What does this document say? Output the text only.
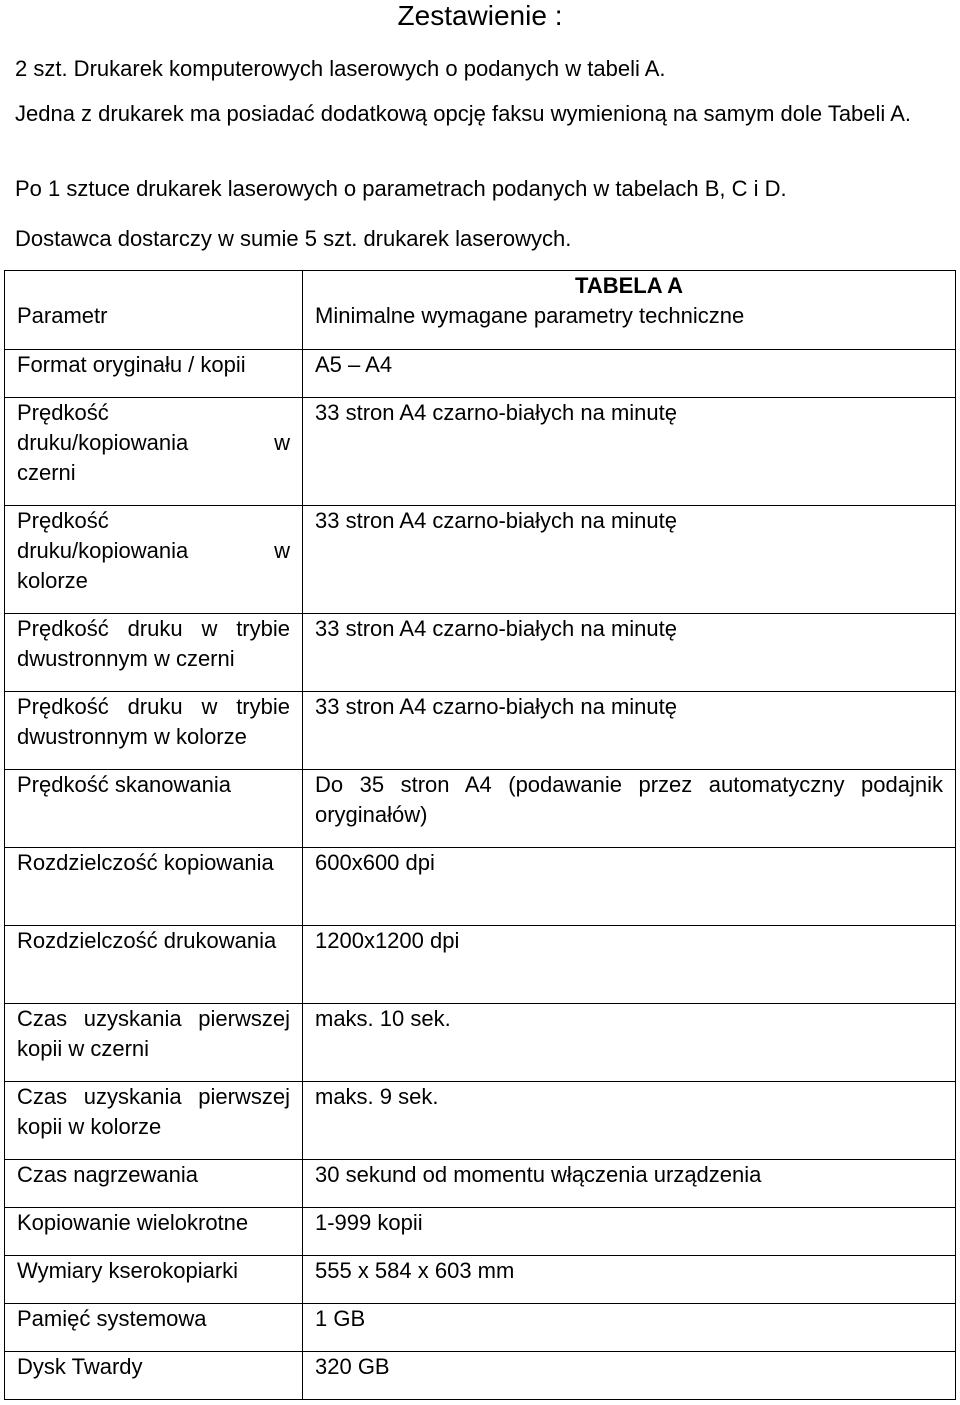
Zestawienie :
2 szt. Drukarek komputerowych laserowych o podanych w tabeli A.
Jedna z drukarek ma posiadać dodatkową opcję faksu wymienioną na samym dole Tabeli A.
Po 1 sztuce drukarek laserowych o parametrach podanych w tabelach B, C i D.
Dostawca dostarczy w sumie 5 szt. drukarek laserowych.
Parametr	TABELA A
Minimalne wymagane parametry techniczne
Format oryginału / kopii	A5 – A4

Prędkość
druku/kopiowania w
czerni	33 stron A4 czarno-białych na minutę

Prędkość
druku/kopiowania w
kolorze	33 stron A4 czarno-białych na minutę
Prędkość druku w trybie dwustronnym w czerni	33 stron A4 czarno-białych na minutę
Prędkość druku w trybie dwustronnym w kolorze	33 stron A4 czarno-białych na minutę
Prędkość skanowania	Do 35 stron A4 (podawanie przez automatyczny podajnik oryginałów)
Rozdzielczość kopiowania	600x600 dpi
Rozdzielczość drukowania	1200x1200 dpi
Czas uzyskania pierwszej kopii w czerni	maks. 10 sek.
Czas uzyskania pierwszej kopii w kolorze	maks. 9 sek.
Czas nagrzewania	30 sekund od momentu włączenia urządzenia
Kopiowanie wielokrotne	1-999 kopii
Wymiary kserokopiarki	555 x 584 x 603 mm
Pamięć systemowa	1 GB
Dysk Twardy	320 GB
